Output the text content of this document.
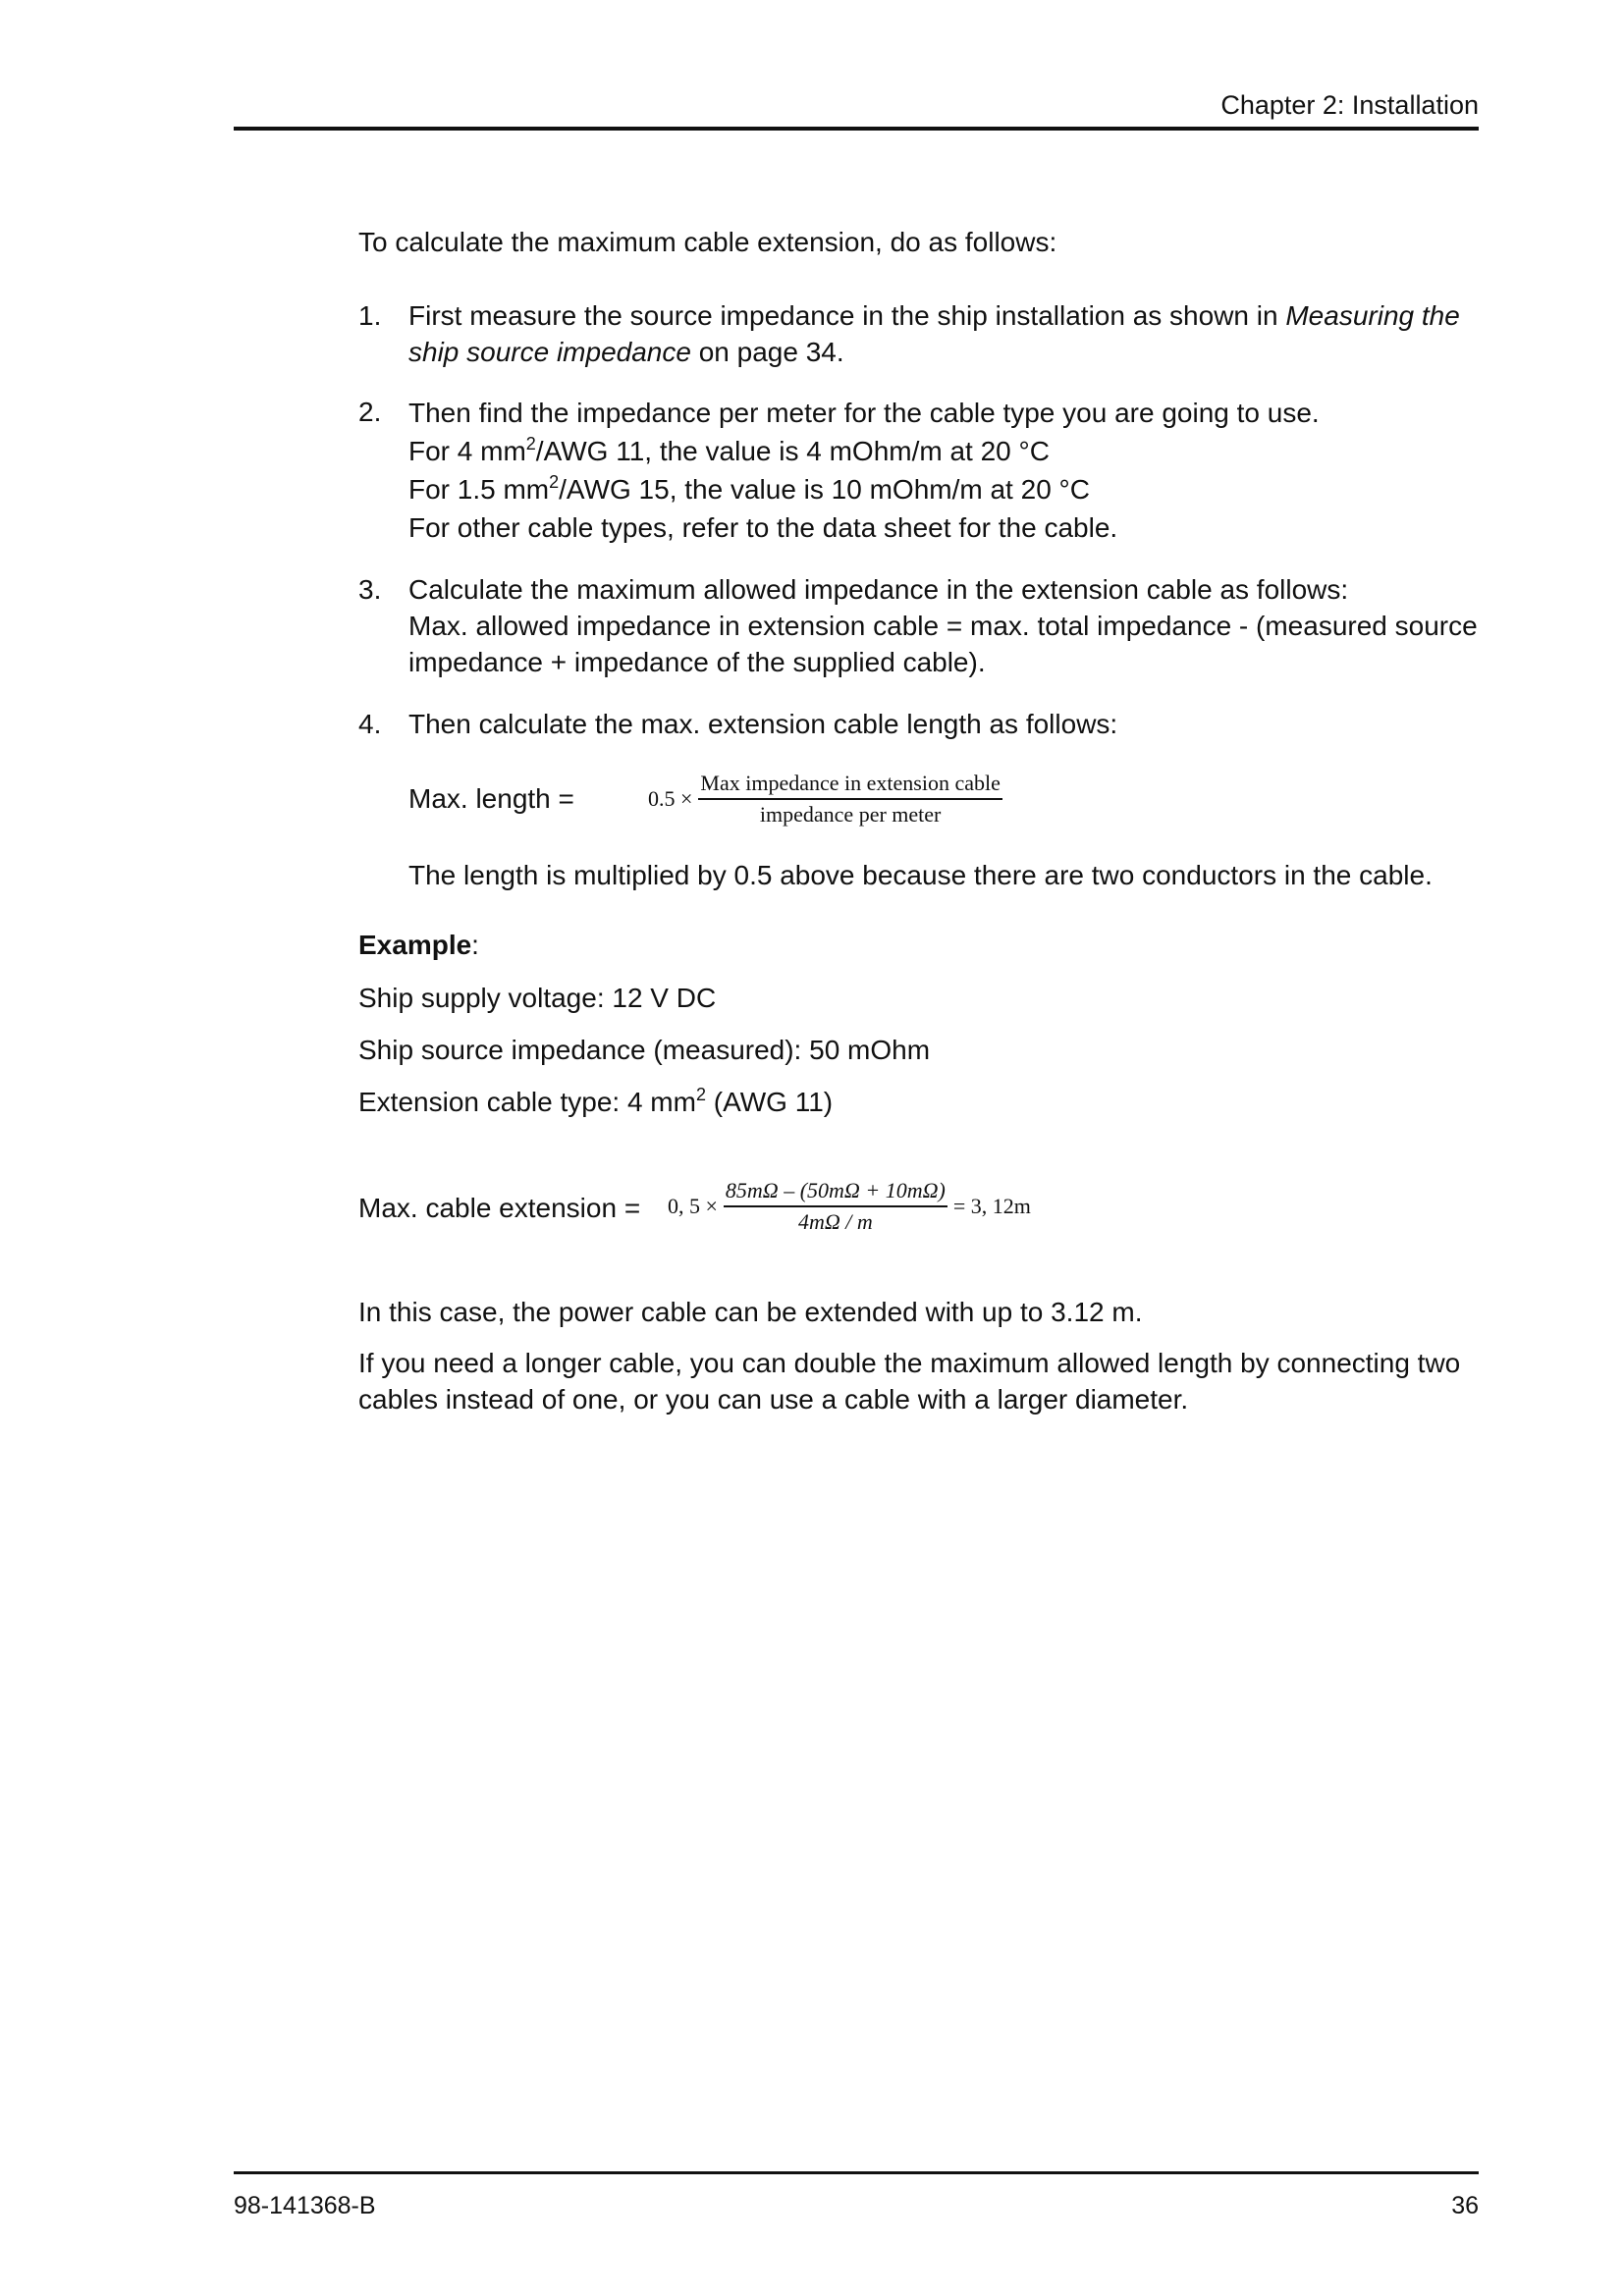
Chapter 2: Installation
To calculate the maximum cable extension, do as follows:
1. First measure the source impedance in the ship installation as shown in Measuring the
ship source impedance on page 34.
2. Then find the impedance per meter for the cable type you are going to use.
For 4 $mm^2$/AWG 11, the value is 4 mOhm/m at 20 °C
For 1.5 $mm^2$/AWG 15, the value is 10 mOhm/m at 20 °C
For other cable types, refer to the data sheet for the cable.
3. Calculate the maximum allowed impedance in the extension cable as follows:
Max. allowed impedance in extension cable = max. total impedance - (measured source
impedance + impedance of the supplied cable).
4. Then calculate the max. extension cable length as follows:
Max. length =	$0.5 \times \frac{\text{Max impedance in extension cable}}{\text{impedance per meter}}$
The length is multiplied by 0.5 above because there are two conductors in the cable.
Example:
Ship supply voltage: 12 V DC
Ship source impedance (measured): 50 mOhm
Extension cable type: 4 $mm^2$ (AWG 11)
Max. cable extension = 0, $5 \times \frac{85m\Omega - (50m\Omega + 10m\Omega)}{4m\Omega / m} = 3$, 12m
In this case, the power cable can be extended with up to 3.12 m.
If you need a longer cable, you can double the maximum allowed length by connecting two
cables instead of one, or you can use a cable with a larger diameter.
98-141368-B	36
